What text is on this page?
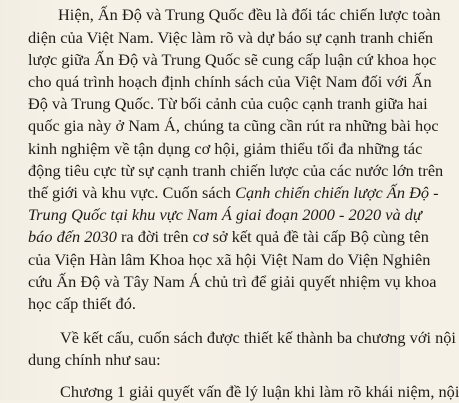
Hiện, Ấn Độ và Trung Quốc đều là đối tác chiến lược toàn
diện của Việt Nam. Việc làm rõ và dự báo sự cạnh tranh chiến
lược giữa Ấn Độ và Trung Quốc sẽ cung cấp luận cứ khoa học
cho quá trình hoạch định chính sách của Việt Nam đối với Ấn
Độ và Trung Quốc. Từ bối cảnh của cuộc cạnh tranh giữa hai
quốc gia này ở Nam Á, chúng ta cũng cần rút ra những bài học
kinh nghiệm về tận dụng cơ hội, giảm thiểu tối đa những tác
động tiêu cực từ sự cạnh tranh chiến lược của các nước lớn trên
thế giới và khu vực. Cuốn sách Cạnh chiến chiến lược Ấn Độ -
Trung Quốc tại khu vực Nam Á giai đoạn 2000 - 2020 và dự
báo đến 2030 ra đời trên cơ sở kết quả đề tài cấp Bộ cùng tên
của Viện Hàn lâm Khoa học xã hội Việt Nam do Viện Nghiên
cứu Ấn Độ và Tây Nam Á chủ trì để giải quyết nhiệm vụ khoa
học cấp thiết đó.
Về kết cấu, cuốn sách được thiết kế thành ba chương với nội
dung chính như sau:
Chương 1 giải quyết vấn đề lý luận khi làm rõ khái niệm, nội
